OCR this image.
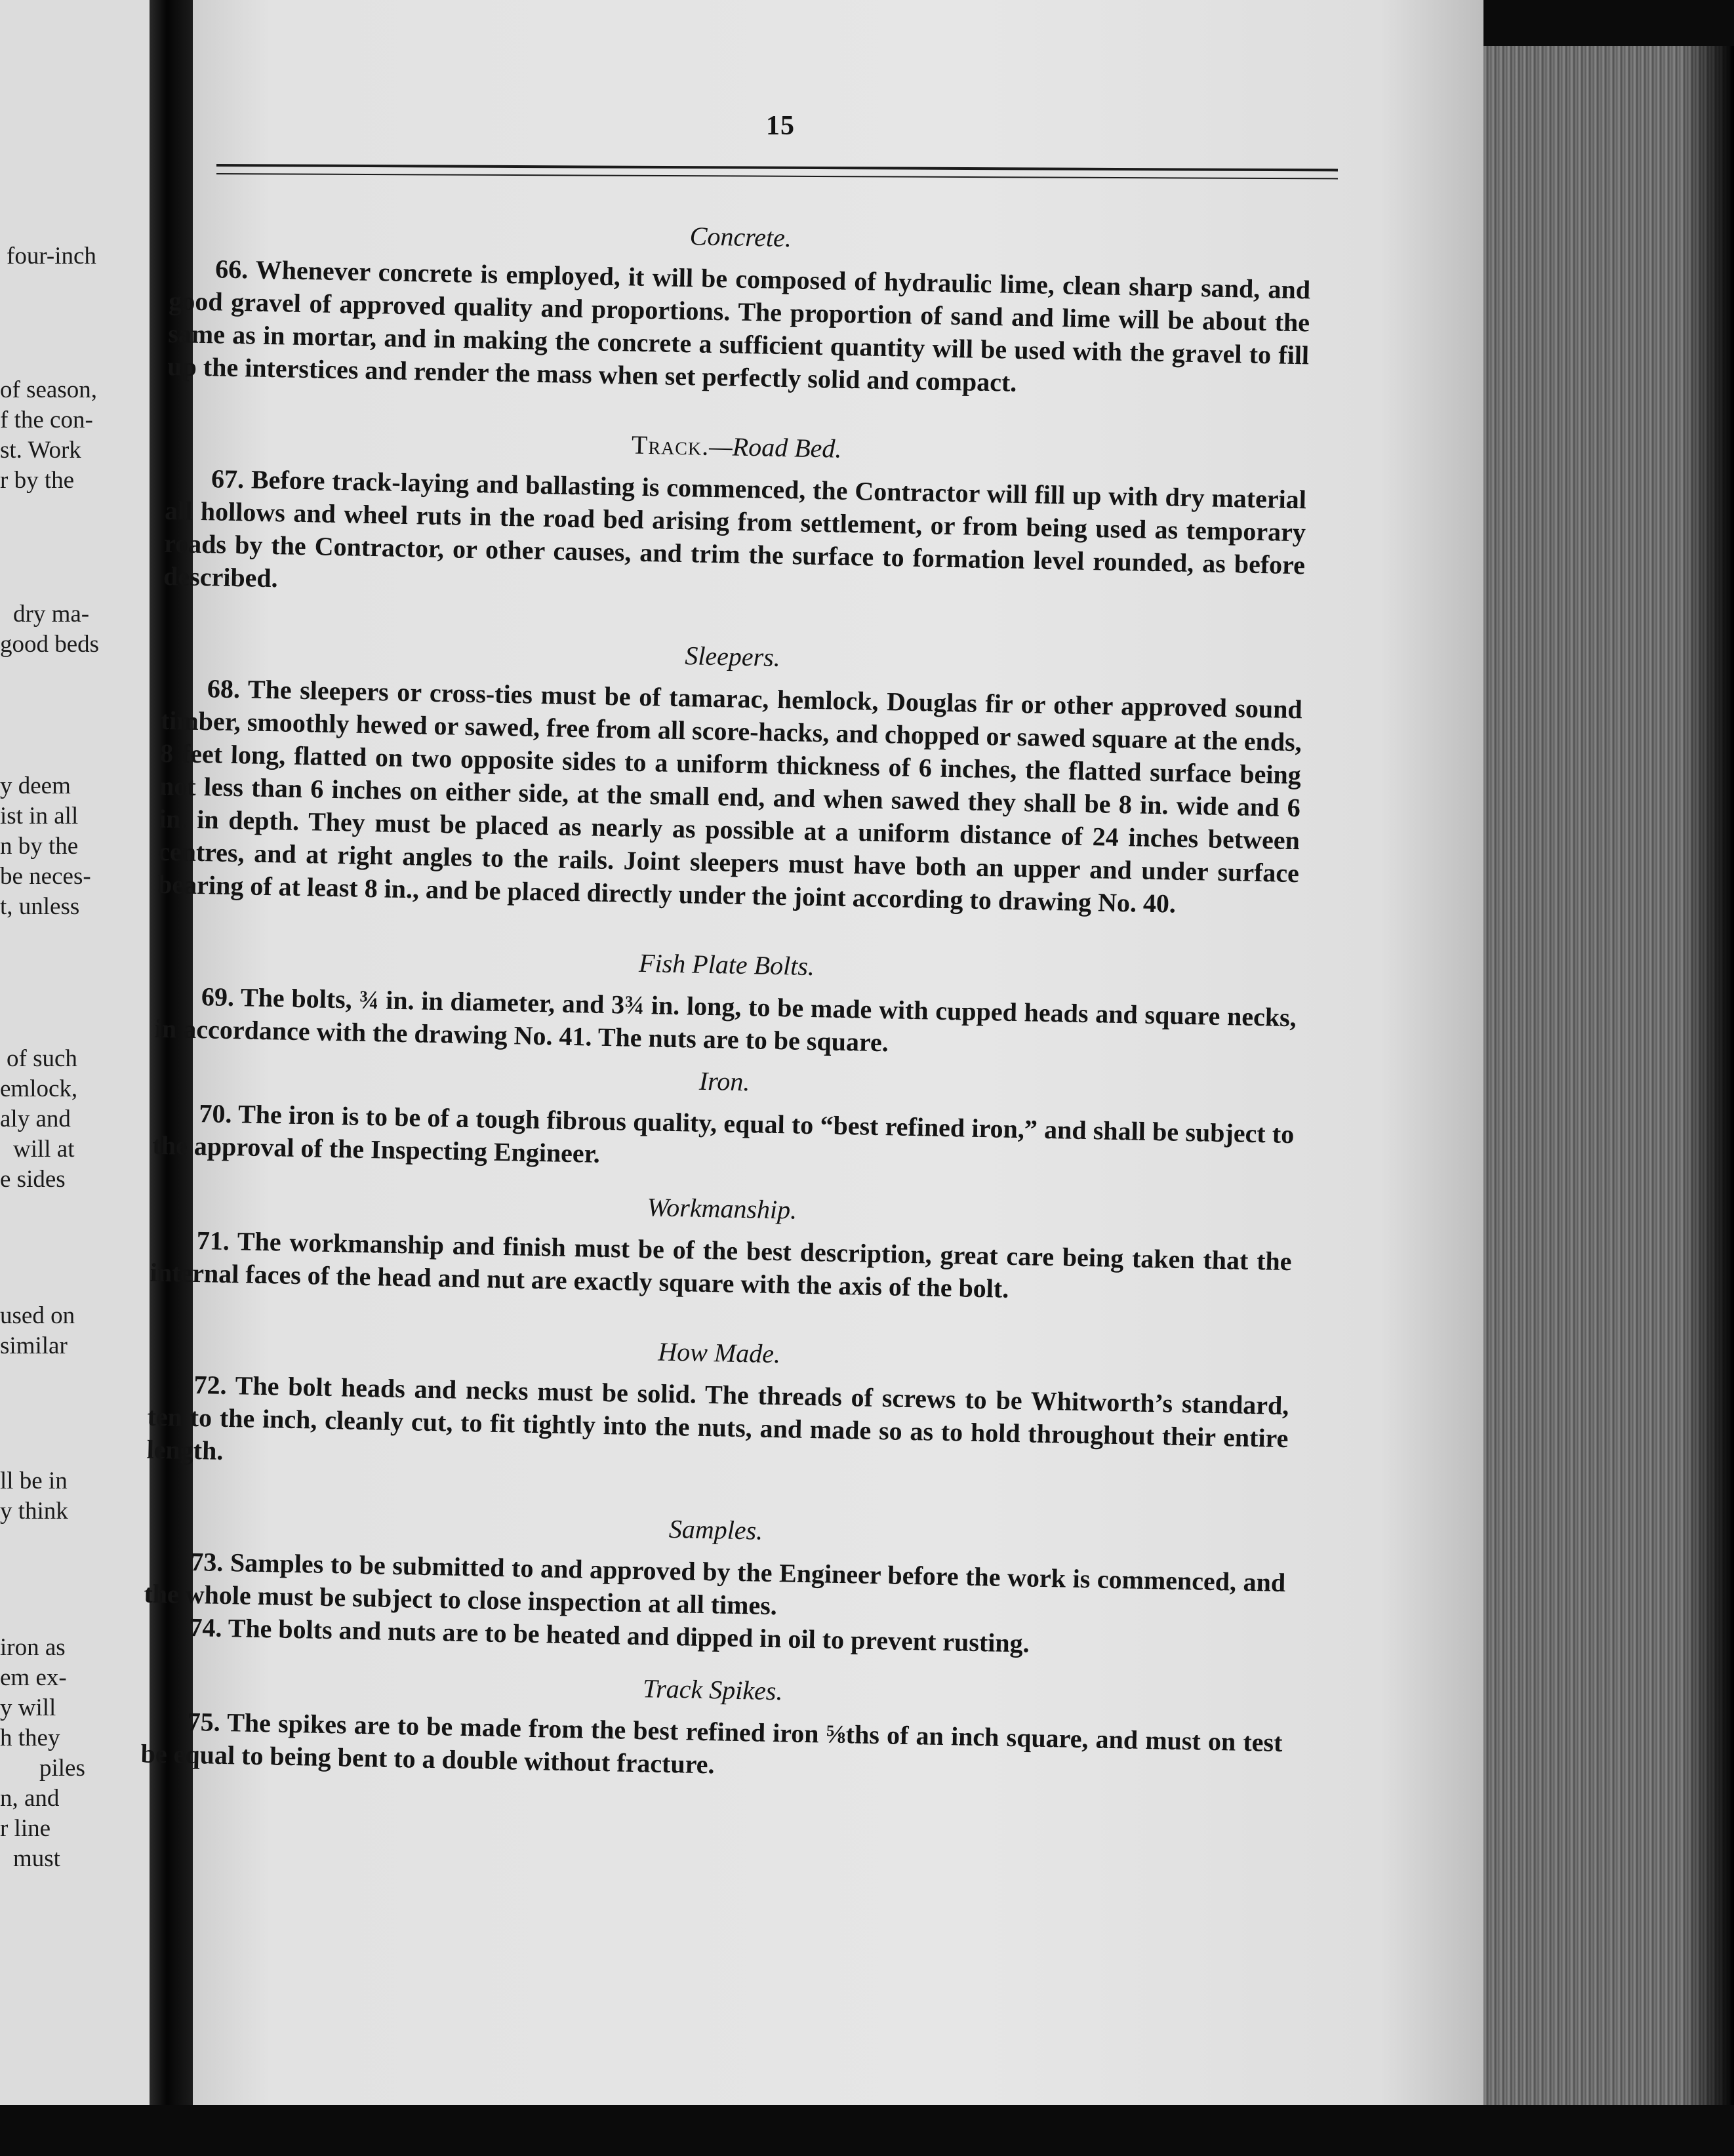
four-inch
of season,
f the con-
st. Work
r by the
dry ma-
good beds
y deem
ist in all
n by the
be neces-
t, unless
of such
emlock,
aly and
will at
e sides
used on
similar
ll be in
y think
iron as
em ex-
y will
h they
piles
n, and
r line
must
15

Concrete.

66. Whenever concrete is employed, it will be composed of hydraulic lime, clean sharp sand, and good gravel of approved quality and proportions. The proportion of sand and lime will be about the same as in mortar, and in making the concrete a sufficient quantity will be used with the gravel to fill up the interstices and render the mass when set perfectly solid and compact.

Track.—Road Bed.

67. Before track-laying and ballasting is commenced, the Contractor will fill up with dry material all hollows and wheel ruts in the road bed arising from settlement, or from being used as temporary roads by the Contractor, or other causes, and trim the surface to formation level rounded, as before described.

Sleepers.

68. The sleepers or cross-ties must be of tamarac, hemlock, Douglas fir or other approved sound timber, smoothly hewed or sawed, free from all score-hacks, and chopped or sawed square at the ends, 8 feet long, flatted on two opposite sides to a uniform thickness of 6 inches, the flatted surface being not less than 6 inches on either side, at the small end, and when sawed they shall be 8 in. wide and 6 in. in depth. They must be placed as nearly as possible at a uniform distance of 24 inches between centres, and at right angles to the rails. Joint sleepers must have both an upper and under surface bearing of at least 8 in., and be placed directly under the joint according to drawing No. 40.

Fish Plate Bolts.

69. The bolts, ¾ in. in diameter, and 3¾ in. long, to be made with cupped heads and square necks, in accordance with the drawing No. 41. The nuts are to be square.

Iron.

70. The iron is to be of a tough fibrous quality, equal to “best refined iron,” and shall be subject to the approval of the Inspecting Engineer.

Workmanship.

71. The workmanship and finish must be of the best description, great care being taken that the internal faces of the head and nut are exactly square with the axis of the bolt.

How Made.

72. The bolt heads and necks must be solid. The threads of screws to be Whitworth’s standard, ten to the inch, cleanly cut, to fit tightly into the nuts, and made so as to hold throughout their entire length.

Samples.

73. Samples to be submitted to and approved by the Engineer before the work is commenced, and the whole must be subject to close inspection at all times.

74. The bolts and nuts are to be heated and dipped in oil to prevent rusting.

Track Spikes.

75. The spikes are to be made from the best refined iron ⅝ths of an inch square, and must on test be equal to being bent to a double without fracture.
